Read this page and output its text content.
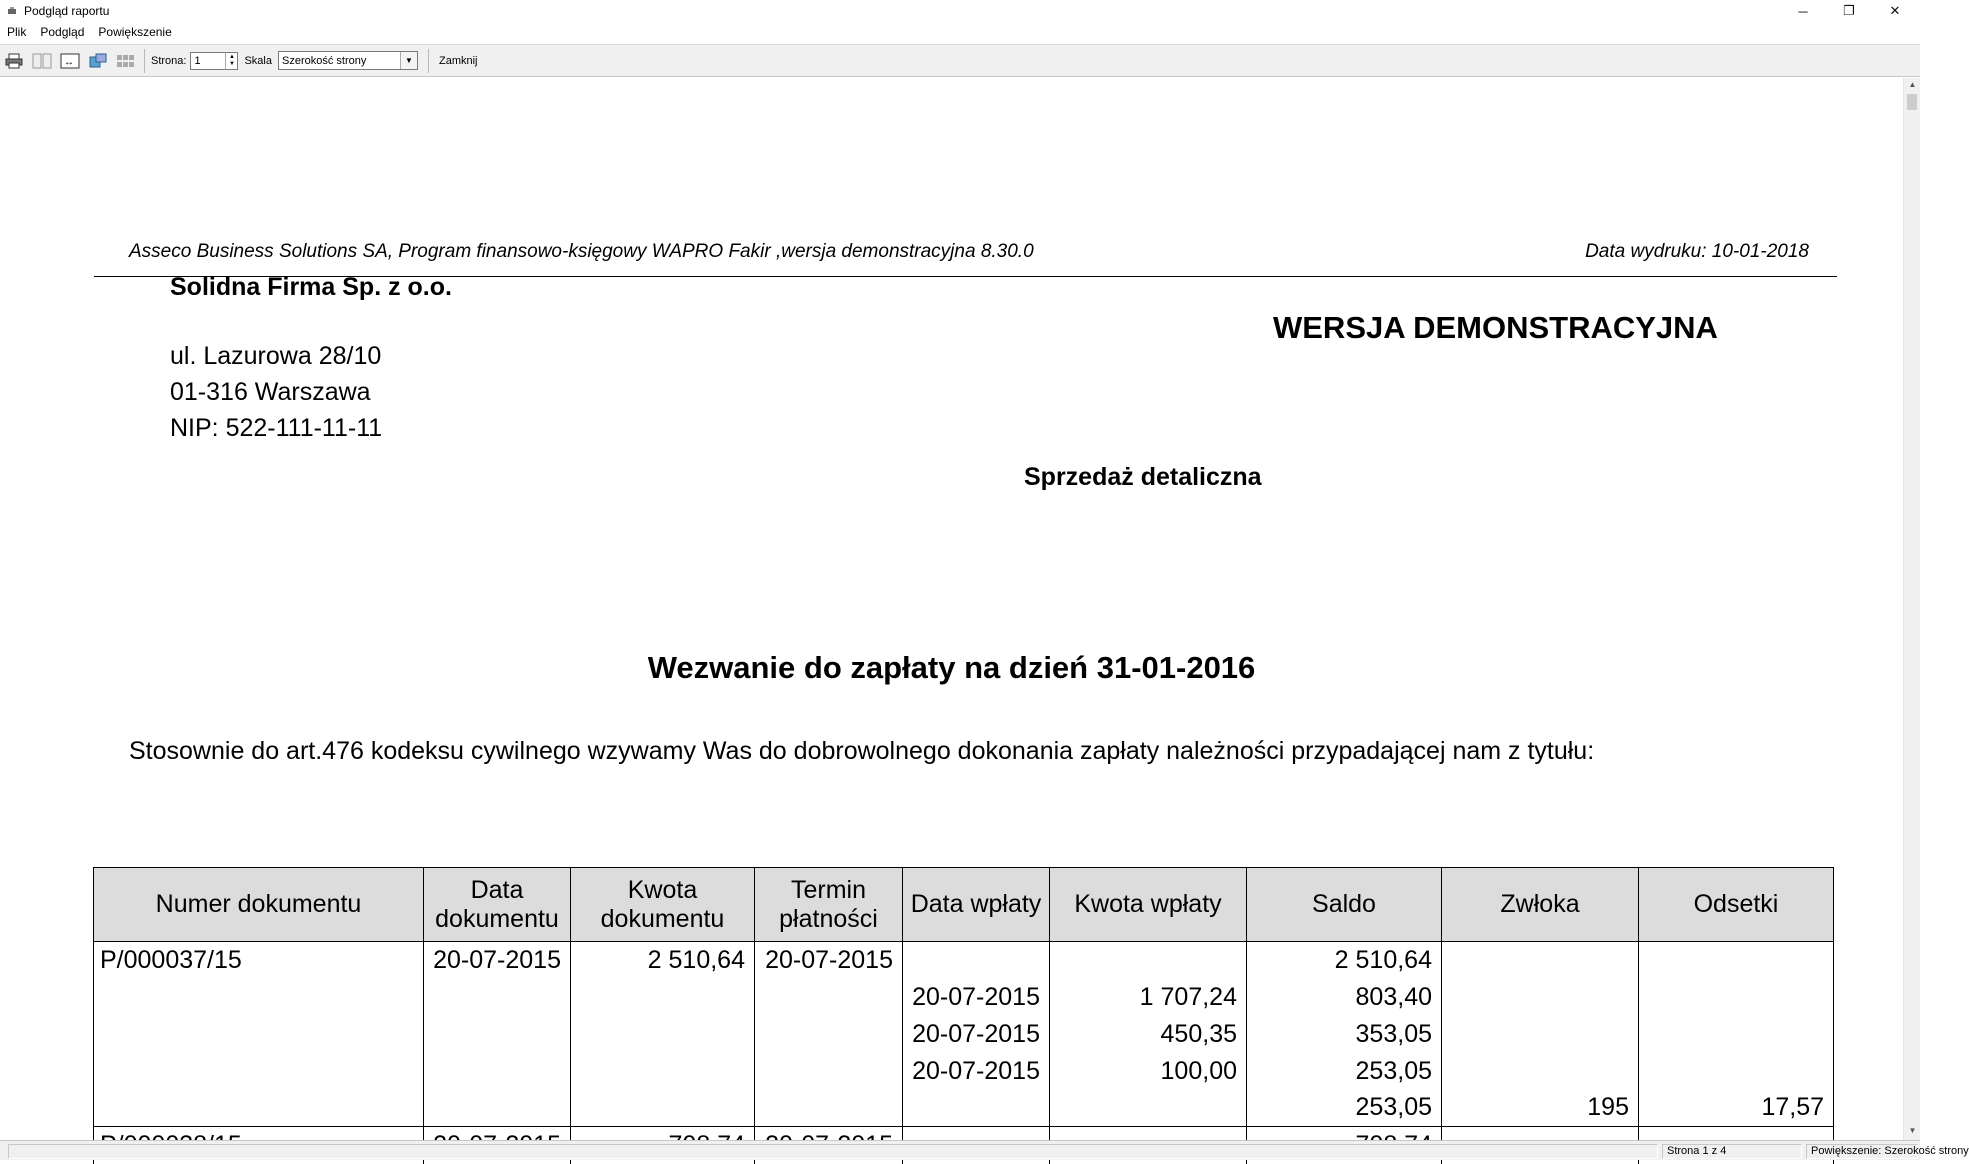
Podgląd raportu	─	❐	✕
Plik	Podgląd	Powiększenie
↔	Strona: 1	▲
▼ Skala Szerokość strony	▼	Zamknij
Asseco Business Solutions SA, Program finansowo-księgowy WAPRO Fakir ,wersja demonstracyjna 8.30.0	Data wydruku: 10-01-2018
Solidna Firma Sp. z o.o.
ul. Lazurowa 28/10
01-316 Warszawa
NIP: 522-111-11-11
WERSJA DEMONSTRACYJNA
Sprzedaż detaliczna
Wezwanie do zapłaty na dzień 31-01-2016
Stosownie do art.476 kodeksu cywilnego wzywamy Was do dobrowolnego dokonania zapłaty należności przypadającej nam z tytułu:
Numer dokumentu	Data dokumentu	Kwota dokumentu	Termin płatności	Data wpłaty	Kwota wpłaty	Saldo	Zwłoka	Odsetki
P/000037/15	20-07-2015	2 510,64	20-07-2015			2 510,64		
				20-07-2015	1 707,24	803,40		
				20-07-2015	450,35	353,05		
				20-07-2015	100,00	253,05		
						253,05	195	17,57

▲
▼
Strona 1 z 4	Powiększenie: Szerokość strony
